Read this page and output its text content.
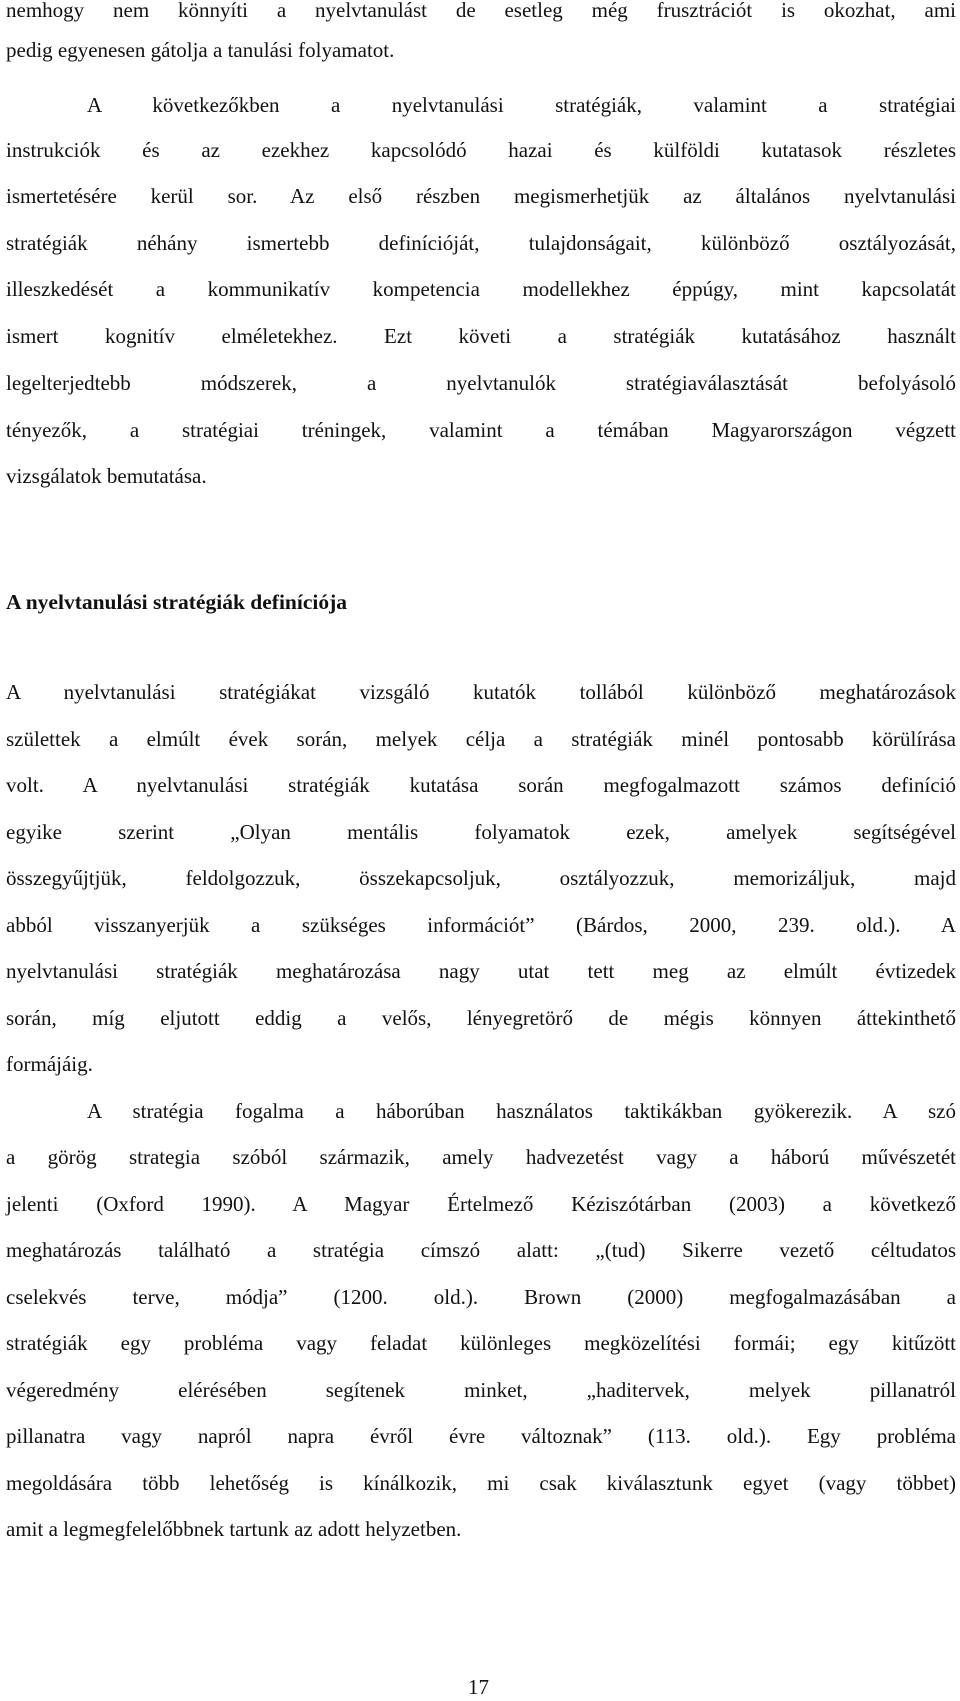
nemhogy nem könnyíti a nyelvtanulást de esetleg még frusztrációt is okozhat, ami
pedig egyenesen gátolja a tanulási folyamatot.
A következőkben a nyelvtanulási stratégiák, valamint a stratégiai
instrukciók és az ezekhez kapcsolódó hazai és külföldi kutatasok részletes
ismertetésére kerül sor. Az első részben megismerhetjük az általános nyelvtanulási
stratégiák néhány ismertebb definícióját, tulajdonságait, különböző osztályozását,
illeszkedését a kommunikatív kompetencia modellekhez éppúgy, mint kapcsolatát
ismert kognitív elméletekhez. Ezt követi a stratégiák kutatásához használt
legelterjedtebb módszerek, a nyelvtanulók stratégiaválasztását befolyásoló
tényezők, a stratégiai tréningek, valamint a témában Magyarországon végzett
vizsgálatok bemutatása.
A nyelvtanulási stratégiák definíciója
A nyelvtanulási stratégiákat vizsgáló kutatók tollából különböző meghatározások
születtek a elmúlt évek során, melyek célja a stratégiák minél pontosabb körülírása
volt. A nyelvtanulási stratégiák kutatása során megfogalmazott számos definíció
egyike szerint „Olyan mentális folyamatok ezek, amelyek segítségével
összegyűjtjük, feldolgozzuk, összekapcsoljuk, osztályozzuk, memorizáljuk, majd
abból visszanyerjük a szükséges információt” (Bárdos, 2000, 239. old.). A
nyelvtanulási stratégiák meghatározása nagy utat tett meg az elmúlt évtizedek
során, míg eljutott eddig a velős, lényegretörő de mégis könnyen áttekinthető
formájáig.
A stratégia fogalma a háborúban használatos taktikákban gyökerezik. A szó
a görög strategia szóból származik, amely hadvezetést vagy a háború művészetét
jelenti (Oxford 1990). A Magyar Értelmező Kéziszótárban (2003) a következő
meghatározás található a stratégia címszó alatt: „(tud) Sikerre vezető céltudatos
cselekvés terve, módja” (1200. old.). Brown (2000) megfogalmazásában a
stratégiák egy probléma vagy feladat különleges megközelítési formái; egy kitűzött
végeredmény elérésében segítenek minket, „haditervek, melyek pillanatról
pillanatra vagy napról napra évről évre változnak” (113. old.). Egy probléma
megoldására több lehetőség is kínálkozik, mi csak kiválasztunk egyet (vagy többet)
amit a legmegfelelőbbnek tartunk az adott helyzetben.
17
